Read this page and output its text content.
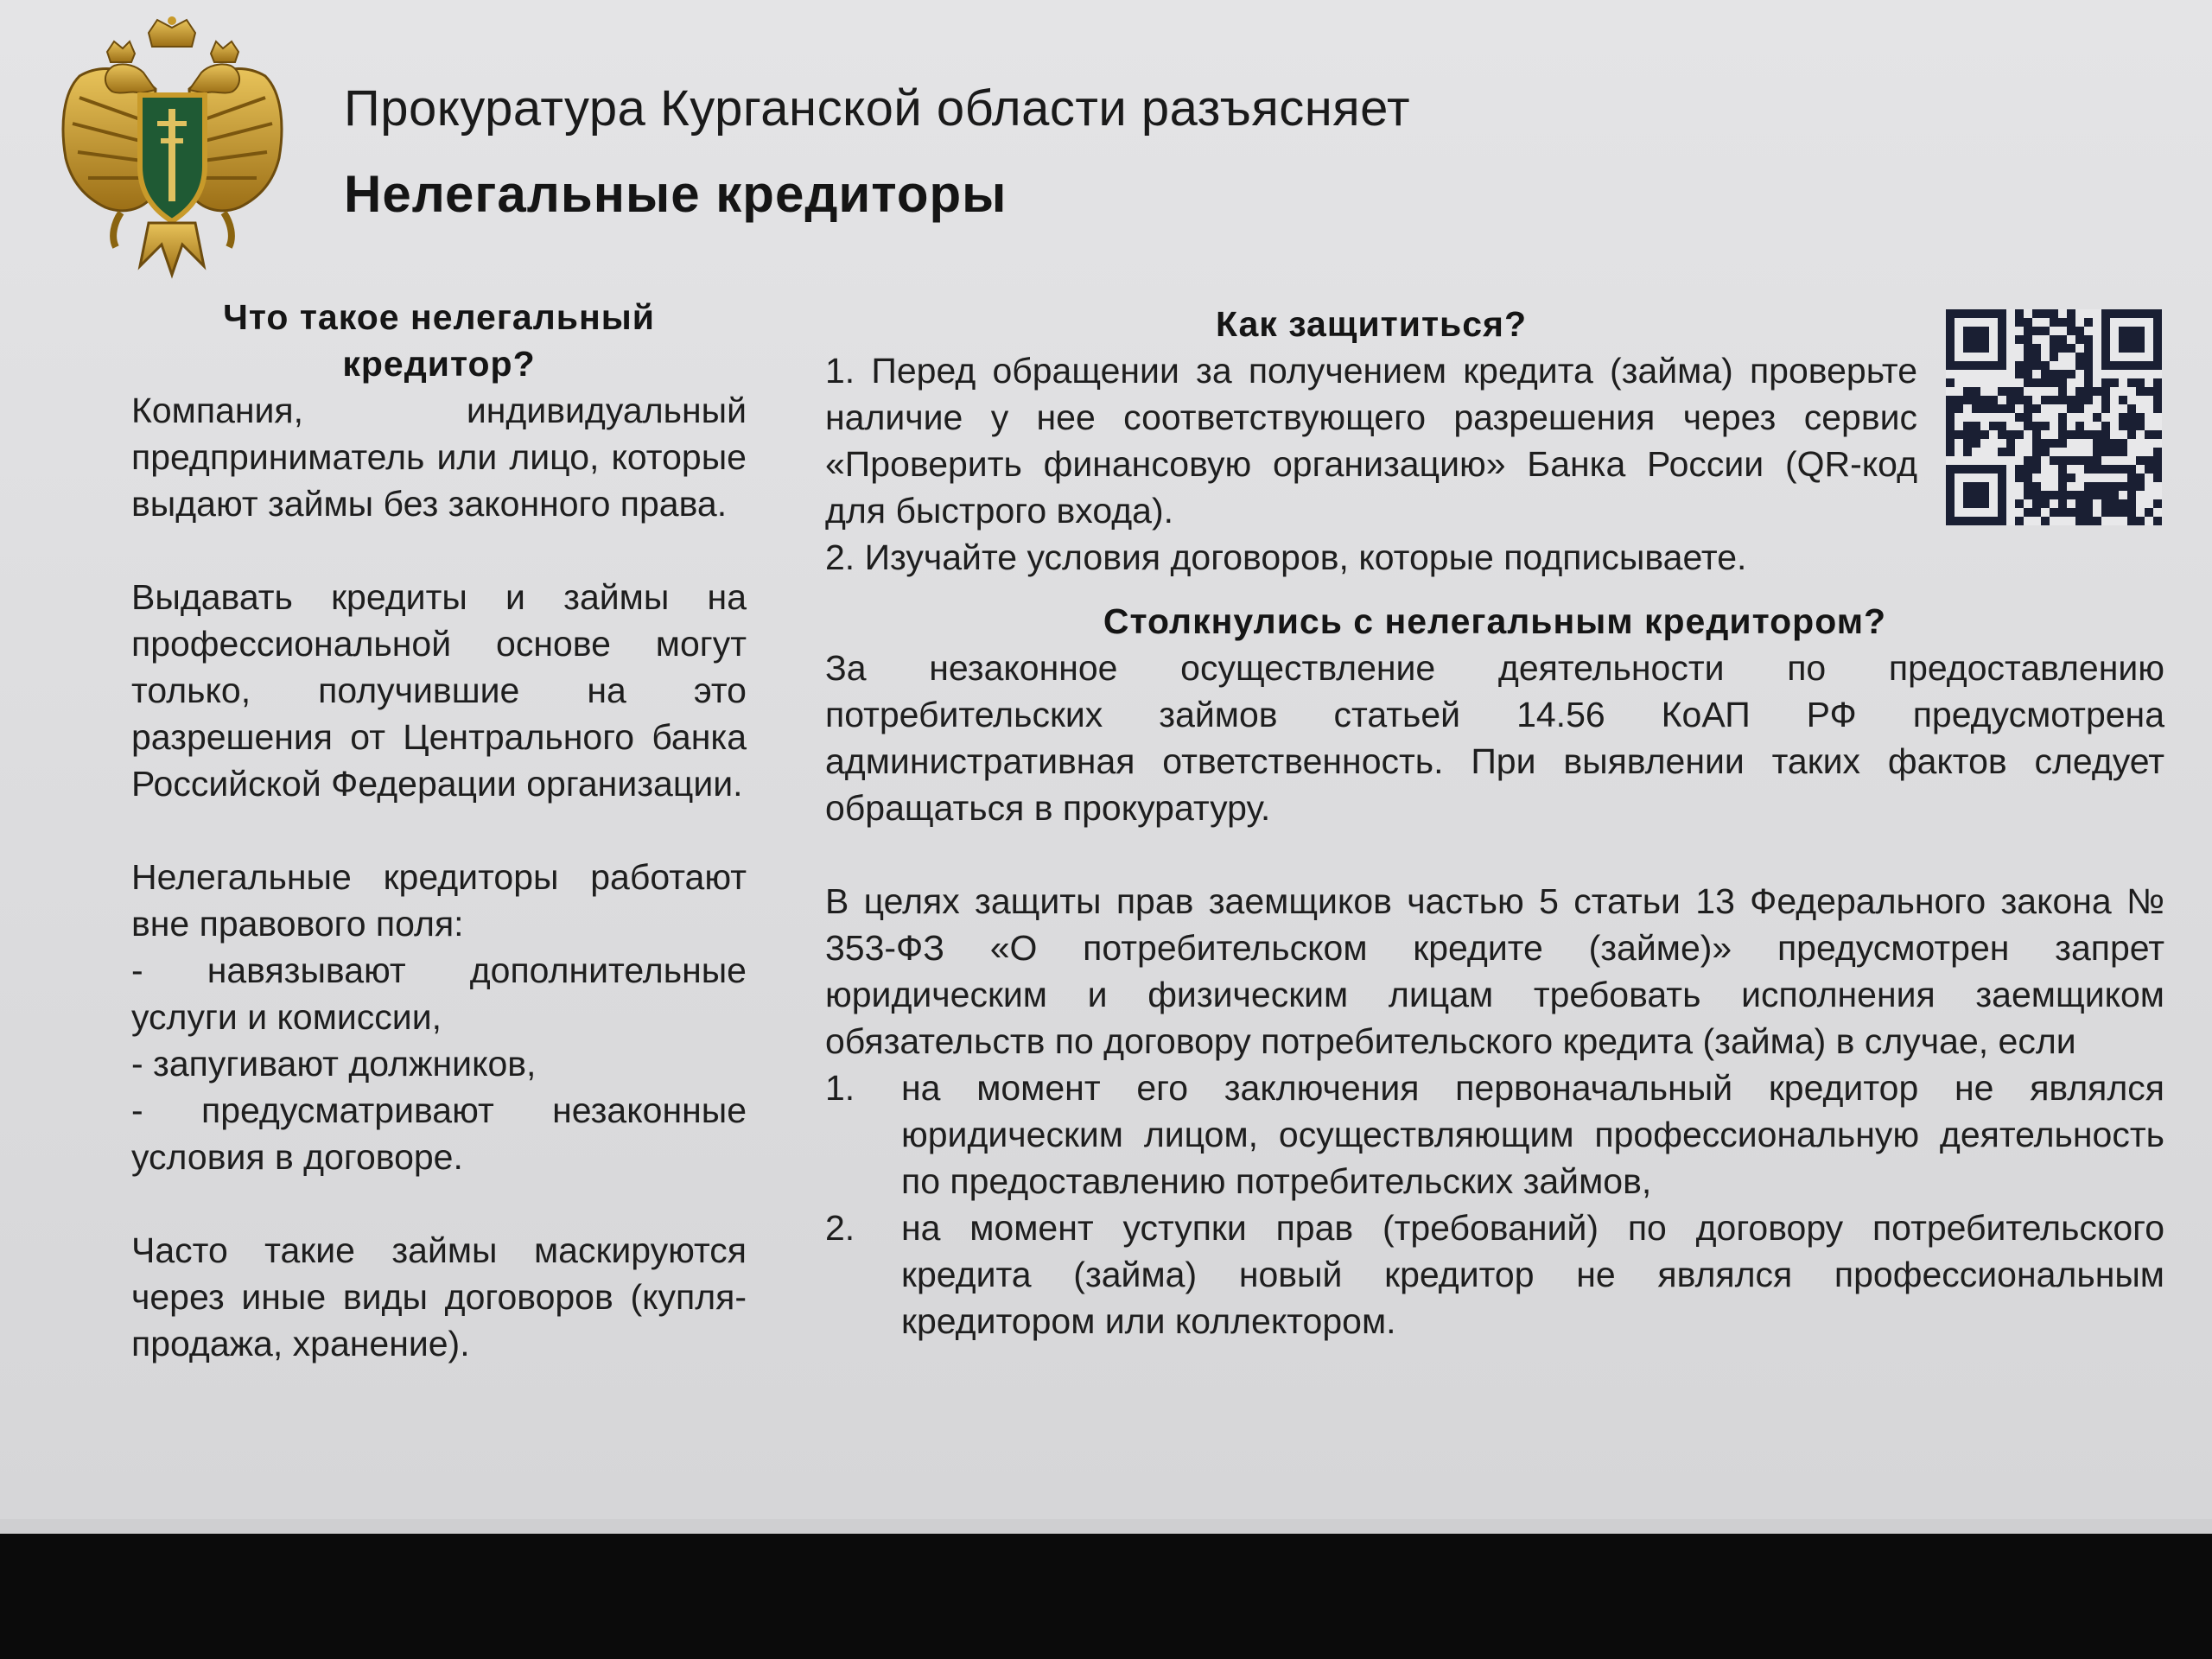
Прокуратура Курганской области разъясняет
Нелегальные кредиторы
Что такое нелегальный кредитор?
Компания, индивидуальный предприниматель или лицо, которые выдают займы без законного права.
Выдавать кредиты и займы на профессиональной основе могут только, получившие на это разрешения от Центрального банка Российской Федерации организации.
Нелегальные кредиторы работают вне правового поля:
- навязывают дополнительные услуги и комиссии,
- запугивают должников,
- предусматривают незаконные условия в договоре.
Часто такие займы маскируются через иные виды договоров (купля-продажа, хранение).
Как защититься?
1. Перед обращении за получением кредита (займа) проверьте наличие у нее соответствующего разрешения через сервис «Проверить финансовую организацию» Банка России (QR-код для быстрого входа).
2. Изучайте условия договоров, которые подписываете.
Столкнулись с нелегальным кредитором?
За незаконное осуществление деятельности по предоставлению потребительских займов статьей 14.56 КоАП РФ предусмотрена административная ответственность. При выявлении таких фактов следует обращаться в прокуратуру.
В целях защиты прав заемщиков частью 5 статьи 13 Федерального закона № 353-ФЗ «О потребительском кредите (займе)» предусмотрен запрет юридическим и физическим лицам требовать исполнения заемщиком обязательств по договору потребительского кредита (займа) в случае, если
1.	на момент его заключения первоначальный кредитор не являлся юридическим лицом, осуществляющим профессиональную деятельность по предоставлению потребительских займов,
2.	на момент уступки прав (требований) по договору потребительского кредита (займа) новый кредитор не являлся профессиональным кредитором или коллектором.
